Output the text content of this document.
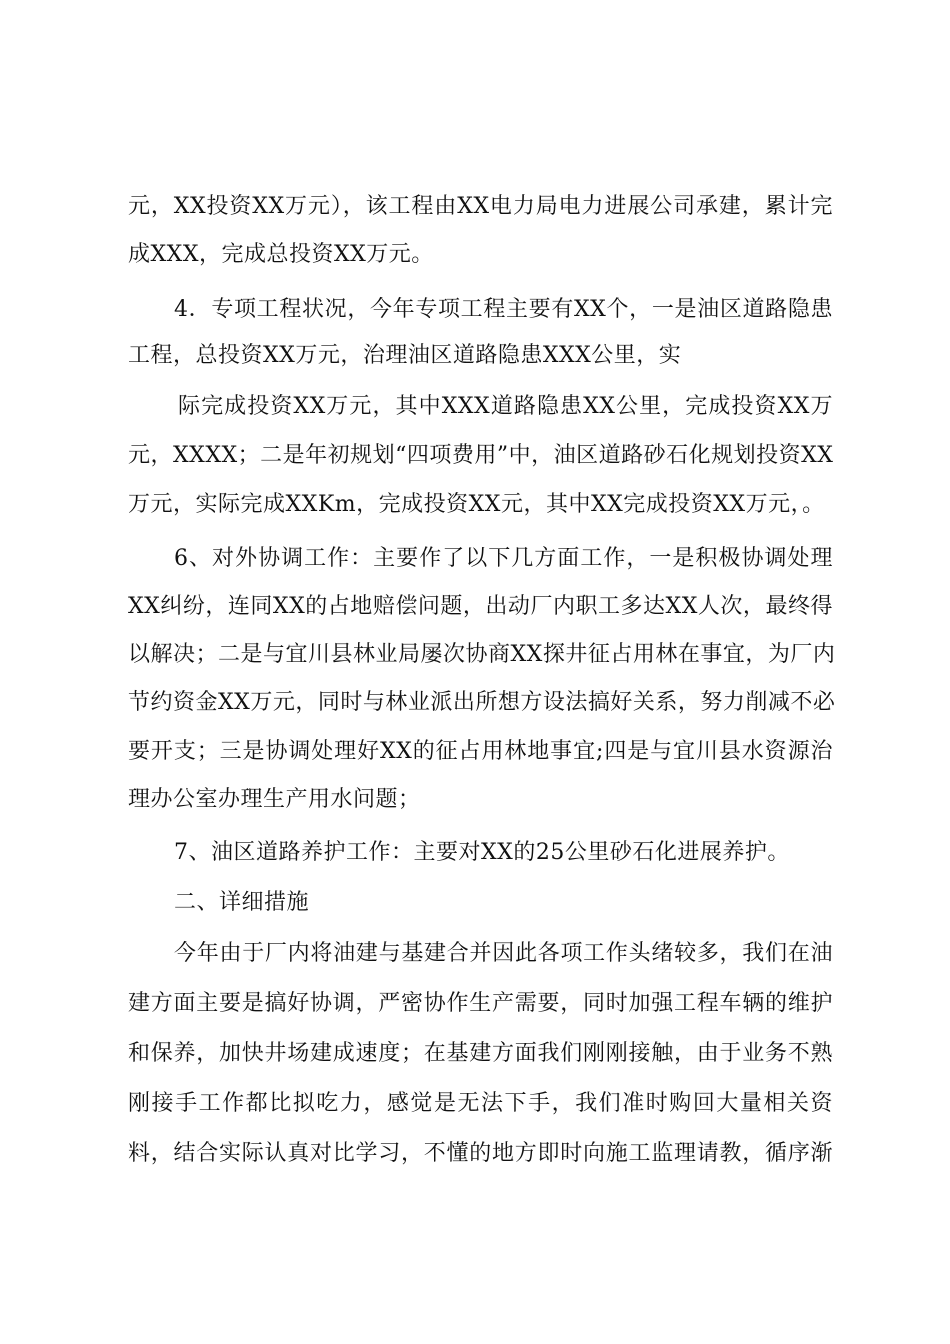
元，XX投资XX万元），该工程由XX电力局电力进展公司承建，累计完
成XXX，完成总投资XX万元。
4．专项工程状况，今年专项工程主要有XX个，一是油区道路隐患
工程，总投资XX万元，治理油区道路隐患XXX公里，实
际完成投资XX万元，其中XXX道路隐患XX公里，完成投资XX万
元，XXXX；二是年初规划“四项费用”中，油区道路砂石化规划投资XX
万元，实际完成XXKm，完成投资XX元，其中XX完成投资XX万元，。
6、对外协调工作：主要作了以下几方面工作，一是积极协调处理
XX纠纷，连同XX的占地赔偿问题，出动厂内职工多达XX人次，最终得
以解决；二是与宜川县林业局屡次协商XX探井征占用林在事宜，为厂内
节约资金XX万元，同时与林业派出所想方设法搞好关系，努力削减不必
要开支；三是协调处理好XX的征占用林地事宜;四是与宜川县水资源治
理办公室办理生产用水问题；
7、油区道路养护工作：主要对XX的25公里砂石化进展养护。
二、详细措施
今年由于厂内将油建与基建合并因此各项工作头绪较多，我们在油
建方面主要是搞好协调，严密协作生产需要，同时加强工程车辆的维护
和保养，加快井场建成速度；在基建方面我们刚刚接触，由于业务不熟
刚接手工作都比拟吃力，感觉是无法下手，我们准时购回大量相关资
料，结合实际认真对比学习，不懂的地方即时向施工监理请教，循序渐
